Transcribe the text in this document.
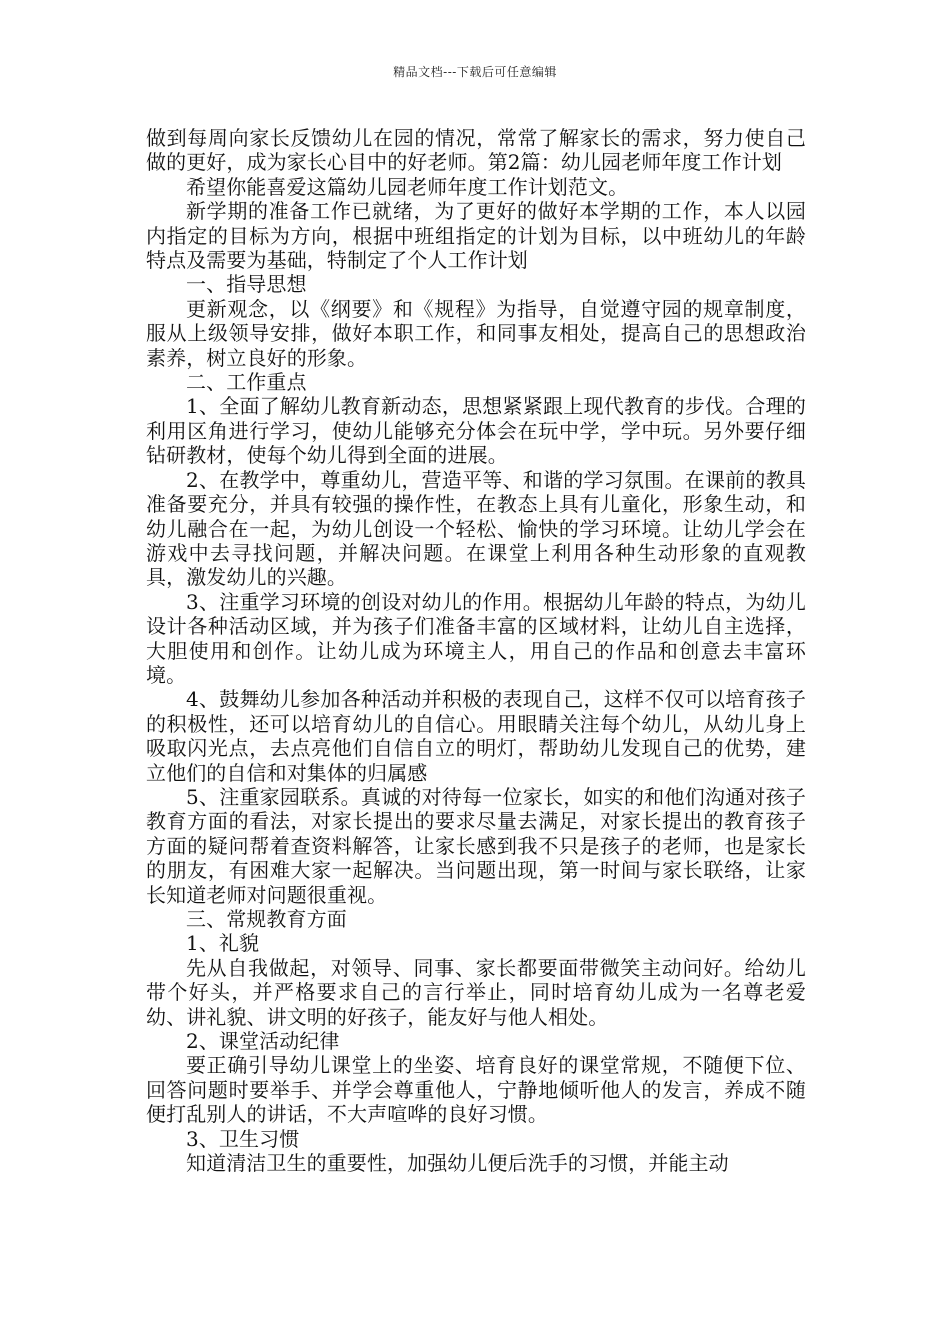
精品文档---下载后可任意编辑

做到每周向家长反馈幼儿在园的情况，常常了解家长的需求，努力使自己做的更好，成为家长心目中的好老师。第2篇：幼儿园老师年度工作计划

希望你能喜爱这篇幼儿园老师年度工作计划范文。

新学期的准备工作已就绪，为了更好的做好本学期的工作，本人以园内指定的目标为方向，根据中班组指定的计划为目标，以中班幼儿的年龄特点及需要为基础，特制定了个人工作计划

一、指导思想

更新观念，以《纲要》和《规程》为指导，自觉遵守园的规章制度，服从上级领导安排，做好本职工作，和同事友相处，提高自己的思想政治素养，树立良好的形象。

二、工作重点

1、全面了解幼儿教育新动态，思想紧紧跟上现代教育的步伐。合理的利用区角进行学习，使幼儿能够充分体会在玩中学，学中玩。另外要仔细钻研教材，使每个幼儿得到全面的进展。

2、在教学中，尊重幼儿，营造平等、和谐的学习氛围。在课前的教具准备要充分，并具有较强的操作性，在教态上具有儿童化，形象生动，和幼儿融合在一起，为幼儿创设一个轻松、愉快的学习环境。让幼儿学会在游戏中去寻找问题，并解决问题。在课堂上利用各种生动形象的直观教具，激发幼儿的兴趣。

3、注重学习环境的创设对幼儿的作用。根据幼儿年龄的特点，为幼儿设计各种活动区域，并为孩子们准备丰富的区域材料，让幼儿自主选择，大胆使用和创作。让幼儿成为环境主人，用自己的作品和创意去丰富环境。

4、鼓舞幼儿参加各种活动并积极的表现自己，这样不仅可以培育孩子的积极性，还可以培育幼儿的自信心。用眼睛关注每个幼儿，从幼儿身上吸取闪光点，去点亮他们自信自立的明灯，帮助幼儿发现自己的优势，建立他们的自信和对集体的归属感

5、注重家园联系。真诚的对待每一位家长，如实的和他们沟通对孩子教育方面的看法，对家长提出的要求尽量去满足，对家长提出的教育孩子方面的疑问帮着查资料解答，让家长感到我不只是孩子的老师，也是家长的朋友，有困难大家一起解决。当问题出现，第一时间与家长联络，让家长知道老师对问题很重视。

三、常规教育方面

1、礼貌

先从自我做起，对领导、同事、家长都要面带微笑主动问好。给幼儿带个好头，并严格要求自己的言行举止，同时培育幼儿成为一名尊老爱幼、讲礼貌、讲文明的好孩子，能友好与他人相处。

2、课堂活动纪律

要正确引导幼儿课堂上的坐姿、培育良好的课堂常规，不随便下位、回答问题时要举手、并学会尊重他人，宁静地倾听他人的发言，养成不随便打乱别人的讲话，不大声喧哗的良好习惯。

3、卫生习惯

知道清洁卫生的重要性，加强幼儿便后洗手的习惯，并能主动
